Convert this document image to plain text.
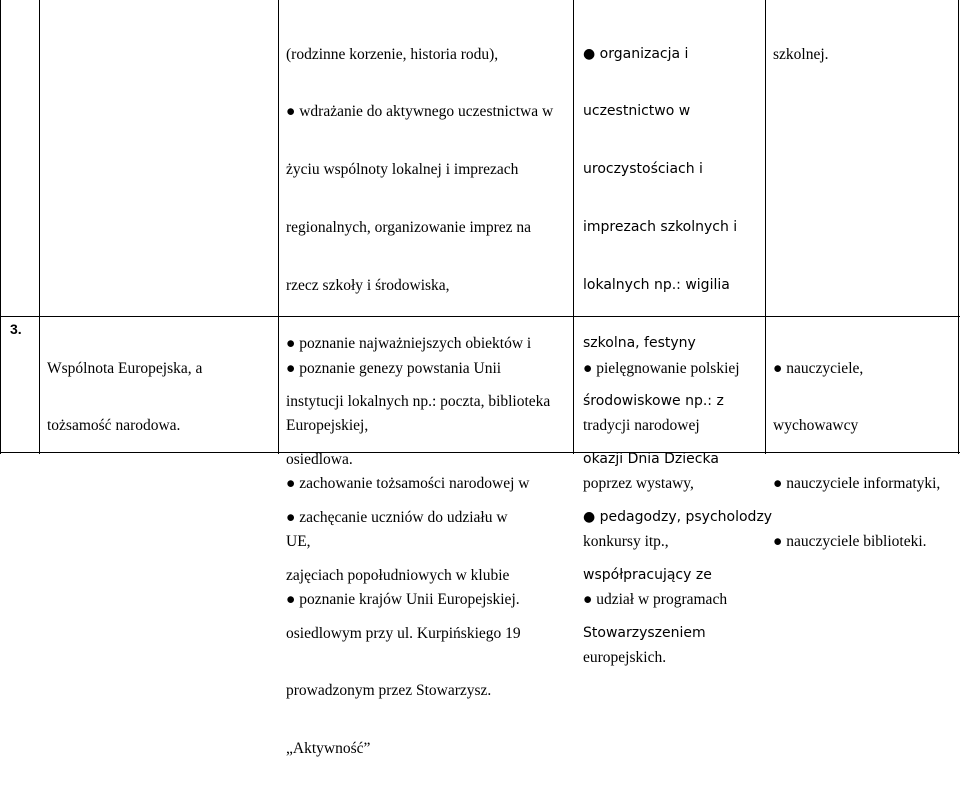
(rodzinne korzenie, historia rodu),

● wdrażanie do aktywnego uczestnictwa w

życiu wspólnoty lokalnej i imprezach

regionalnych, organizowanie imprez na

rzecz szkoły i środowiska,

● poznanie najważniejszych obiektów i

instytucji lokalnych np.: poczta, biblioteka

osiedlowa.

● zachęcanie uczniów do udziału w

zajęciach popołudniowych w klubie

osiedlowym przy ul. Kurpińskiego 19

prowadzonym przez Stowarzysz.

„Aktywność”

● organizacja i

uczestnictwo w

uroczystościach i

imprezach szkolnych i

lokalnych np.: wigilia

szkolna, festyny

środowiskowe np.: z

okazji Dnia Dziecka

● pedagodzy, psycholodzy

współpracujący ze

Stowarzyszeniem

szkolnej.

3.

Wspólnota Europejska, a

tożsamość narodowa.

● poznanie genezy powstania Unii

Europejskiej,

● zachowanie tożsamości narodowej w

UE,

● poznanie krajów Unii Europejskiej.

● pielęgnowanie polskiej

tradycji narodowej

poprzez wystawy,

konkursy itp.,

● udział w programach

europejskich.

● nauczyciele,

wychowawcy

● nauczyciele informatyki,

● nauczyciele biblioteki.
